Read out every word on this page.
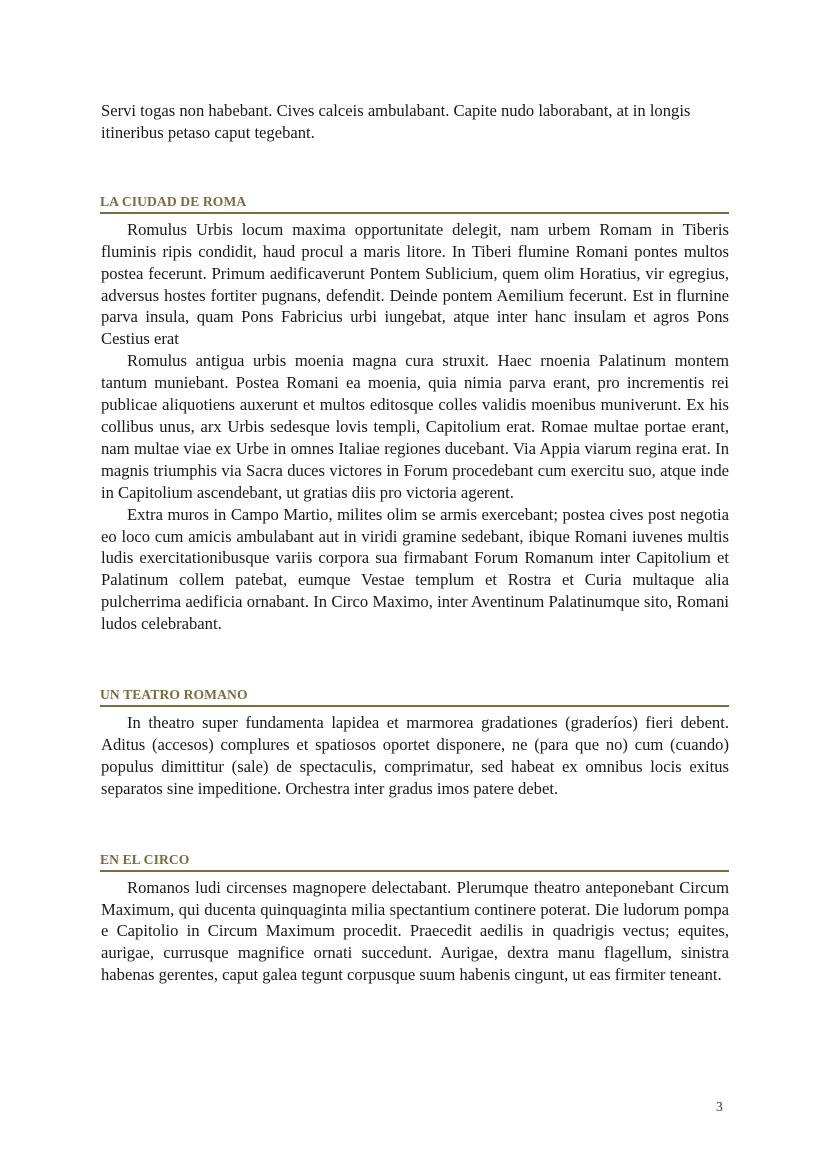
Servi togas non habebant. Cives calceis ambulabant. Capite nudo laborabant, at in longis itineribus petaso caput tegebant.

LA CIUDAD DE ROMA

Romulus Urbis locum maxima opportunitate delegit, nam urbem Romam in Tiberis fluminis ripis condidit, haud procul a maris litore. In Tiberi flumine Romani pontes multos postea fecerunt. Primum aedificaverunt Pontem Sublicium, quem olim Horatius, vir egregius, adversus hostes fortiter pugnans, defendit. Deinde pontem Aemilium fecerunt. Est in flurnine parva insula, quam Pons Fabricius urbi iungebat, atque inter hanc insulam et agros Pons Cestius erat

Romulus antigua urbis moenia magna cura struxit. Haec rnoenia Palatinum montem tantum muniebant. Postea Romani ea moenia, quia nimia parva erant, pro incrementis rei publicae aliquotiens auxerunt et multos editosque colles validis moenibus muniverunt. Ex his collibus unus, arx Urbis sedesque lovis templi, Capitolium erat. Romae multae portae erant, nam multae viae ex Urbe in omnes Italiae regiones ducebant. Via Appia viarum regina erat. In magnis triumphis via Sacra duces victores in Forum procedebant cum exercitu suo, atque inde in Capitolium ascendebant, ut gratias diis pro victoria agerent.

Extra muros in Campo Martio, milites olim se armis exercebant; postea cives post negotia eo loco cum amicis ambulabant aut in viridi gramine sedebant, ibique Romani iuvenes multis ludis exercitationibusque variis corpora sua firmabant Forum Romanum inter Capitolium et Palatinum collem patebat, eumque Vestae templum et Rostra et Curia multaque alia pulcherrima aedificia ornabant. In Circo Maximo, inter Aventinum Palatinumque sito, Romani ludos celebrabant.

UN TEATRO ROMANO

In theatro super fundamenta lapidea et marmorea gradationes (graderíos) fieri debent. Aditus (accesos) complures et spatiosos oportet disponere, ne (para que no) cum (cuando) populus dimittitur (sale) de spectaculis, comprimatur, sed habeat ex omnibus locis exitus separatos sine impeditione. Orchestra inter gradus imos patere debet.

EN EL CIRCO

Romanos ludi circenses magnopere delectabant. Plerumque theatro anteponebant Circum Maximum, qui ducenta quinquaginta milia spectantium continere poterat. Die ludorum pompa e Capitolio in Circum Maximum procedit. Praecedit aedilis in quadrigis vectus; equites, aurigae, currusque magnifice ornati succedunt. Aurigae, dextra manu flagellum, sinistra habenas gerentes, caput galea tegunt corpusque suum habenis cingunt, ut eas firmiter teneant.

3
